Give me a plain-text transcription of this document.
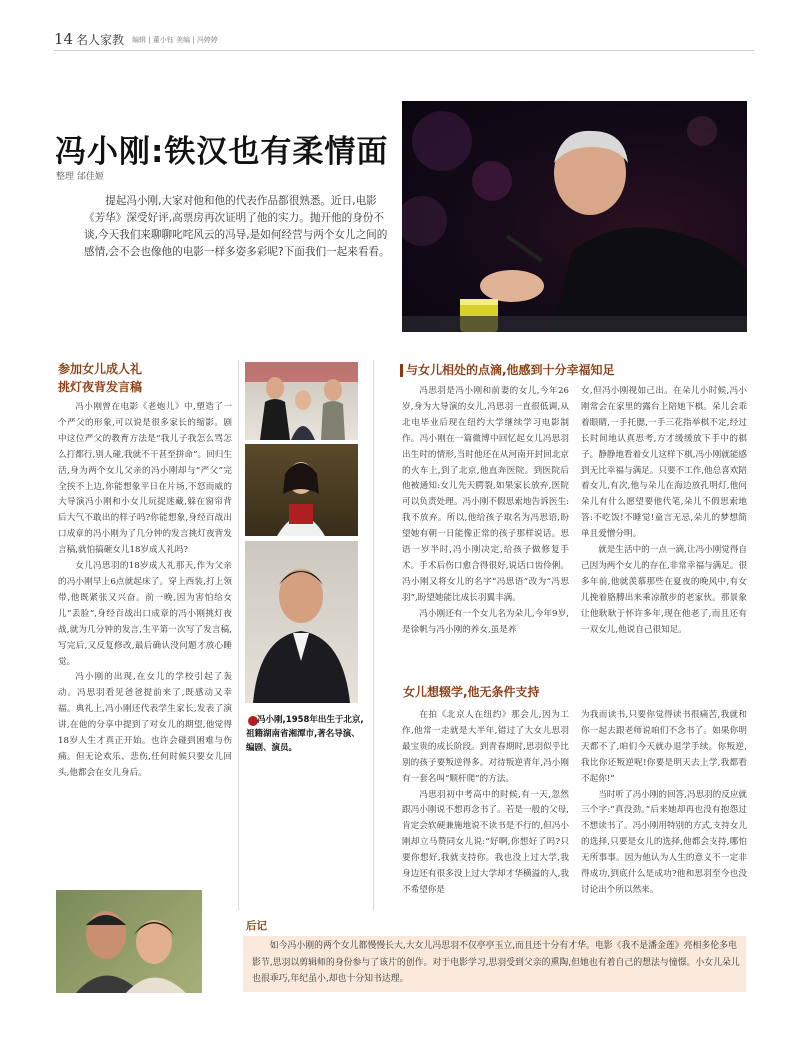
14 名人家教 编辑 | 董小钰 美编 | 冯婷婷
冯小刚:铁汉也有柔情面
整理 邰佳姬
提起冯小刚,大家对他和他的代表作品都很熟悉。近日,电影《芳华》深受好评,高票房再次证明了他的实力。抛开他的身份不谈,今天我们来聊聊叱咤风云的冯导,是如何经营与两个女儿之间的感情,会不会也像他的电影一样多姿多彩呢?下面我们一起来看看。
参加女儿成人礼
挑灯夜背发言稿
冯小刚曾在电影《老炮儿》中,塑造了一个严父的形象,可以说是很多家长的缩影。剧中这位严父的教育方法是“我儿子我怎么骂怎么打都行,别人碰,我就不干甚至拼命”。回归生活,身为两个女儿父亲的冯小刚却与“严父”完全挨不上边,你能想象平日在片场,不怒而威的大导演冯小刚和小女儿玩捉迷藏,躲在窗帘背后大气不敢出的样子吗?你能想象,身经百战出口成章的冯小刚为了几分钟的发言挑灯夜背发言稿,就怕搞砸女儿18岁成人礼吗?
女儿冯思羽的18岁成人礼那天,作为父亲的冯小刚早上6点就起床了。穿上西装,打上领带,他既紧张又兴奋。前一晚,因为害怕给女儿“丢脸”,身经百战出口成章的冯小刚挑灯夜战,就为几分钟的发言,生平第一次写了发言稿,写完后,又反复修改,最后确认没问题才放心睡觉。
冯小刚的出现,在女儿的学校引起了轰动。冯思羽看见爸爸提前来了,既感动又幸福。典礼上,冯小刚还代表学生家长,发表了演讲,在他的分享中提到了对女儿的期望,他觉得18岁人生才真正开始。也许会碰到困难与伤痛。但无论欢乐、悲伤,任何时候只要女儿回头,他都会在女儿身后。
冯小刚,1958年出生于北京,祖籍湖南省湘潭市,著名导演、编剧、演员。
与女儿相处的点滴,他感到十分幸福知足
冯思羽是冯小刚和前妻的女儿,今年26岁,身为大导演的女儿,冯思羽一直很低调,从北电毕业后现在纽约大学继续学习电影制作。冯小刚在一篇微博中回忆起女儿冯思羽出生时的情形,当时他还在从河南开封回北京的火车上,到了北京,他直奔医院。到医院后他被通知:女儿先天腭裂,如果家长放弃,医院可以负责处理。冯小刚不假思索地告诉医生:我不放弃。所以,他给孩子取名为冯思语,盼望她有朝一日能像正常的孩子那样说话。思语一岁半时,冯小刚决定,给孩子做修复手术。手术后伤口愈合得很好,说话口齿伶俐。冯小刚又将女儿的名字“冯思语”改为“冯思羽”,盼望她能比成长羽翼丰满。
冯小刚还有一个女儿名为朵儿,今年9岁,是徐帆与冯小刚的养女,虽是养
女,但冯小刚视如己出。在朵儿小时候,冯小刚常会在家里的露台上陪她下棋。朵儿会乖着眼睛,一手托腮,一手三花指举棋不定,经过长时间地认真思考,方才缓缓放下手中的棋子。静静地看着女儿这样下棋,冯小刚就能感到无比幸福与满足。只要不工作,他总喜欢陪着女儿,有次,他与朵儿在海边放孔明灯,他问朵儿有什么愿望要他代笔,朵儿不假思索地答:不吃饭!不睡觉!童言无忌,朵儿的梦想简单且爱憎分明。
就是生活中的一点一滴,让冯小刚觉得自己因为两个女儿的存在,非常幸福与满足。很多年前,他就羡慕那些在夏夜的晚风中,有女儿挽着胳膊出来乘凉散步的老家伙。那景象让他耿耿于怀许多年,现在他老了,而且还有一双女儿,他说自己很知足。
女儿想辍学,他无条件支持
在拍《北京人在纽约》那会儿,因为工作,他常一走就是大半年,错过了大女儿思羽最宝贵的成长阶段。到青春期时,思羽似乎比别的孩子要叛逆得多。对待叛逆青年,冯小刚有一套名叫“顺杆爬”的方法。
冯思羽初中考高中的时候,有一天,忽然跟冯小刚说不想再念书了。若是一般的父母,肯定会软硬兼施地说不读书是不行的,但冯小刚却立马赞同女儿说:“好啊,你想好了吗?只要你想好,我就支持你。我也没上过大学,我身边还有很多没上过大学却才华横溢的人,我不希望你是
为我而读书,只要你觉得读书很痛苦,我就和你一起去跟老师说咱们不念书了。如果你明天都不了,咱们今天就办退学手续。你叛逆,我比你还叛逆呢!你要是明天去上学,我都看不起你!”
当时听了冯小刚的回答,冯思羽的反应就三个字:“真没劲。”后来她却再也没有抱怨过不想读书了。冯小刚用特别的方式,支持女儿的选择,只要是女儿的选择,他都会支持,哪怕无所事事。因为他认为人生的意义不一定非得成功,到底什么是成功?他和思羽至今也没讨论出个所以然来。
后记
如今冯小刚的两个女儿都慢慢长大,大女儿冯思羽不仅亭亭玉立,而且还十分有才华。电影《我不是潘金莲》亮相多伦多电影节,思羽以剪辑师的身份参与了该片的创作。对于电影学习,思羽受到父亲的熏陶,但她也有着自己的想法与憧憬。小女儿朵儿也很乖巧,年纪虽小,却也十分知书达理。
